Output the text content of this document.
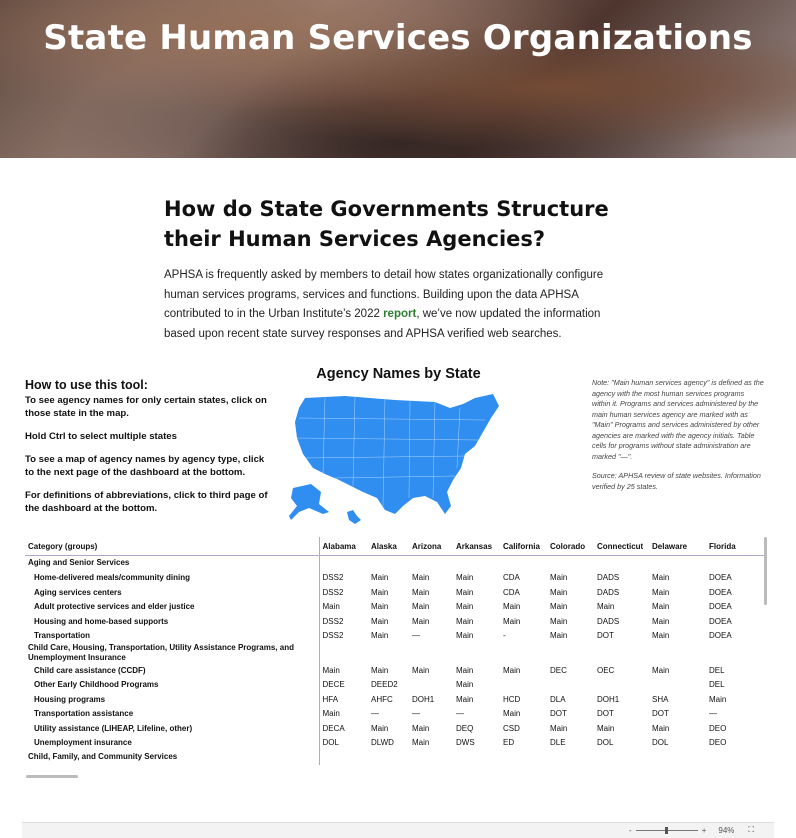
State Human Services Organizations
How do State Governments Structure their Human Services Agencies?

APHSA is frequently asked by members to detail how states organizationally configure human services programs, services and functions. Building upon the data APHSA contributed to in the Urban Institute’s 2022 report, we’ve now updated the information based upon recent state survey responses and APHSA verified web searches.

How to use this tool:

To see agency names for only certain states, click on those state in the map.

Hold Ctrl to select multiple states

To see a map of agency names by agency type, click to the next page of the dashboard at the bottom.

For definitions of abbreviations, click to third page of the dashboard at the bottom.

Agency Names by State

Note: "Main human services agency" is defined as the agency with the most human services programs within it. Programs and services administered by the main human services agency are marked with as "Main" Programs and services administered by other agencies are marked with the agency initials. Table cells for programs without state administration are marked "—".

Source: APHSA review of state websites. Information verified by 25 states.

Category (groups)	Alabama	Alaska	Arizona	Arkansas	California	Colorado	Connecticut	Delaware	Florida
Aging and Senior Services									
Home-delivered meals/community dining	DSS2	Main	Main	Main	CDA	Main	DADS	Main	DOEA
Aging services centers	DSS2	Main	Main	Main	CDA	Main	DADS	Main	DOEA
Adult protective services and elder justice	Main	Main	Main	Main	Main	Main	Main	Main	DOEA
Housing and home-based supports	DSS2	Main	Main	Main	Main	Main	DADS	Main	DOEA
Transportation	DSS2	Main	—	Main	-	Main	DOT	Main	DOEA
Child Care, Housing, Transportation, Utility Assistance Programs, and Unemployment Insurance									
Child care assistance (CCDF)	Main	Main	Main	Main	Main	DEC	OEC	Main	DEL
Other Early Childhood Programs	DECE	DEED2		Main					DEL
Housing programs	HFA	AHFC	DOH1	Main	HCD	DLA	DOH1	SHA	Main
Transportation assistance	Main	—	—	—	Main	DOT	DOT	DOT	—
Utility assistance (LIHEAP, Lifeline, other)	DECA	Main	Main	DEQ	CSD	Main	Main	Main	DEO
Unemployment insurance	DOL	DLWD	Main	DWS	ED	DLE	DOL	DOL	DEO
Child, Family, and Community Services									
-	+ 94% ⛶
